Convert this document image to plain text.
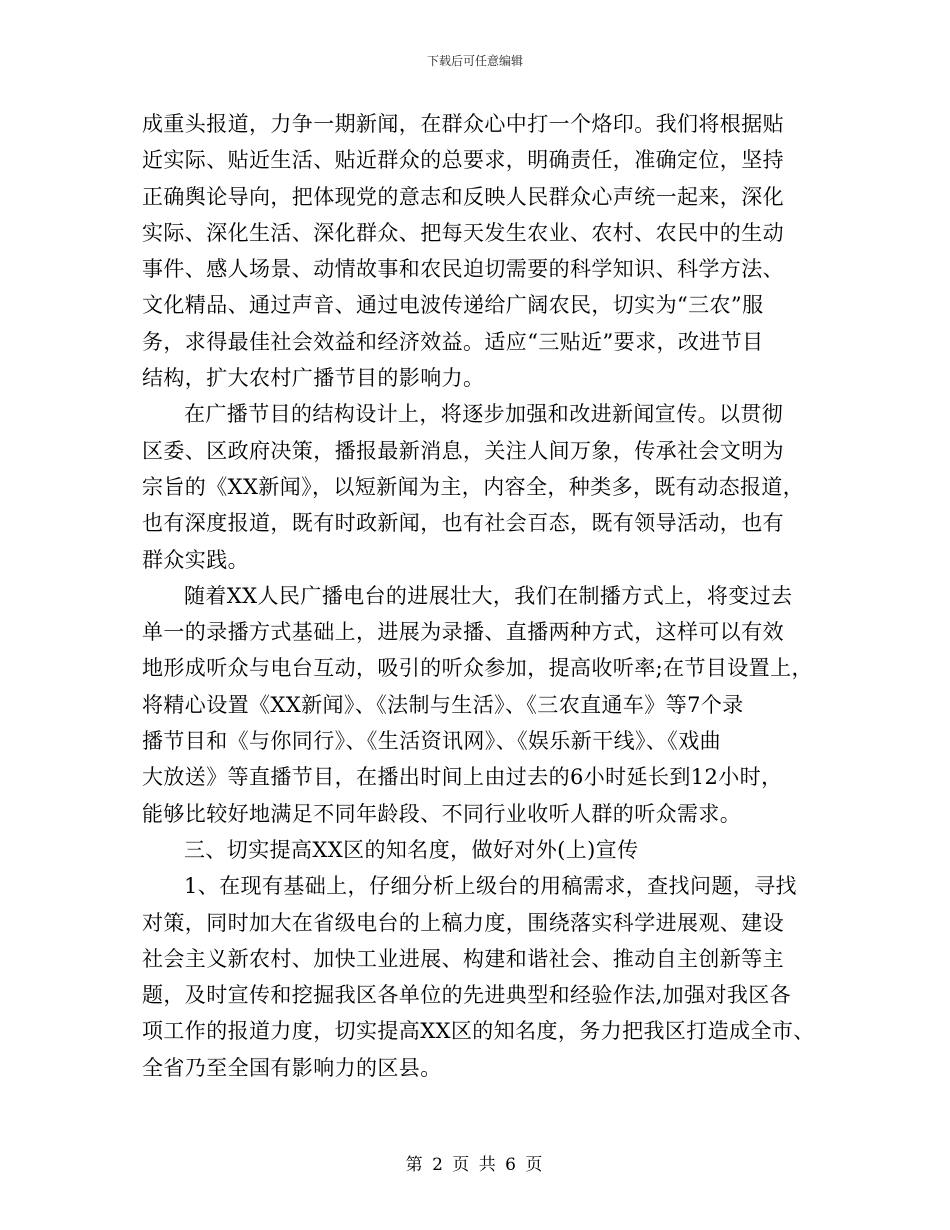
下载后可任意编辑
成重头报道，力争一期新闻，在群众心中打一个烙印。我们将根据贴
近实际、贴近生活、贴近群众的总要求，明确责任，准确定位，坚持
正确舆论导向，把体现党的意志和反映人民群众心声统一起来，深化
实际、深化生活、深化群众、把每天发生农业、农村、农民中的生动
事件、感人场景、动情故事和农民迫切需要的科学知识、科学方法、
文化精品、通过声音、通过电波传递给广阔农民，切实为“三农”服
务，求得最佳社会效益和经济效益。适应“三贴近”要求，改进节目
结构，扩大农村广播节目的影响力。
在广播节目的结构设计上，将逐步加强和改进新闻宣传。以贯彻
区委、区政府决策，播报最新消息，关注人间万象，传承社会文明为
宗旨的《XX新闻》，以短新闻为主，内容全，种类多，既有动态报道，
也有深度报道，既有时政新闻，也有社会百态，既有领导活动，也有
群众实践。
随着XX人民广播电台的进展壮大，我们在制播方式上，将变过去
单一的录播方式基础上，进展为录播、直播两种方式，这样可以有效
地形成听众与电台互动，吸引的听众参加，提高收听率;在节目设置上，
将精心设置《XX新闻》、《法制与生活》、《三农直通车》等7个录
播节目和《与你同行》、《生活资讯网》、《娱乐新干线》、《戏曲
大放送》等直播节目，在播出时间上由过去的6小时延长到12小时，
能够比较好地满足不同年龄段、不同行业收听人群的听众需求。
三、切实提高XX区的知名度，做好对外(上)宣传
1、在现有基础上，仔细分析上级台的用稿需求，查找问题，寻找
对策，同时加大在省级电台的上稿力度，围绕落实科学进展观、建设
社会主义新农村、加快工业进展、构建和谐社会、推动自主创新等主
题，及时宣传和挖掘我区各单位的先进典型和经验作法,加强对我区各
项工作的报道力度，切实提高XX区的知名度，务力把我区打造成全市、
全省乃至全国有影响力的区县。
第 2 页 共 6 页
